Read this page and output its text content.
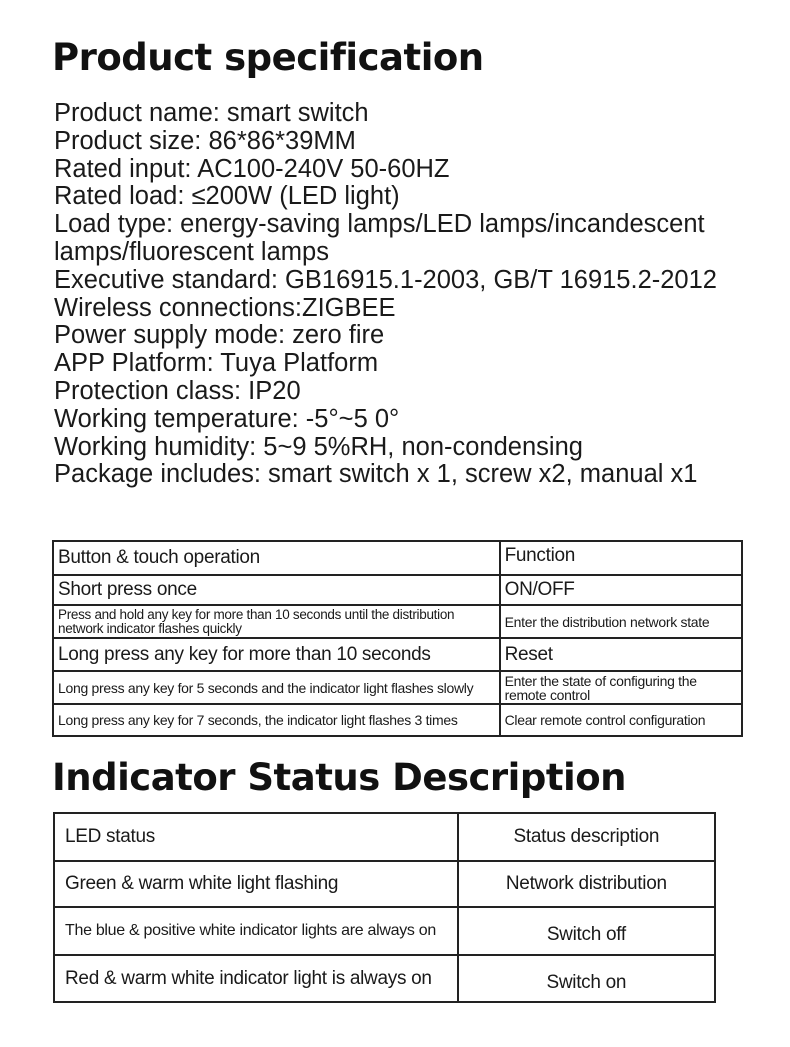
Product specification
Product name: smart switch
Product size: 86*86*39MM
Rated input: AC100-240V 50-60HZ
Rated load: ≤200W (LED light)
Load type: energy-saving lamps/LED lamps/incandescent lamps/fluorescent lamps
Executive standard: GB16915.1-2003, GB/T 16915.2-2012
Wireless connections:ZIGBEE
Power supply mode: zero fire
APP Platform: Tuya Platform
Protection class: IP20
Working temperature: -5°~5 0°
Working humidity: 5~9 5%RH, non-condensing
Package includes: smart switch x 1, screw x2, manual x1
Button & touch operation	Function
Short press once	ON/OFF
Press and hold any key for more than 10 seconds until the distribution network indicator flashes quickly	Enter the distribution network state
Long press any key for more than 10 seconds	Reset
Long press any key for 5 seconds and the indicator light flashes slowly	Enter the state of configuring the remote control
Long press any key for 7 seconds, the indicator light flashes 3 times	Clear remote control configuration
Indicator Status Description
LED status	Status description
Green & warm white light flashing	Network distribution
The blue & positive white indicator lights are always on	Switch off
Red & warm white indicator light is always on	Switch on
